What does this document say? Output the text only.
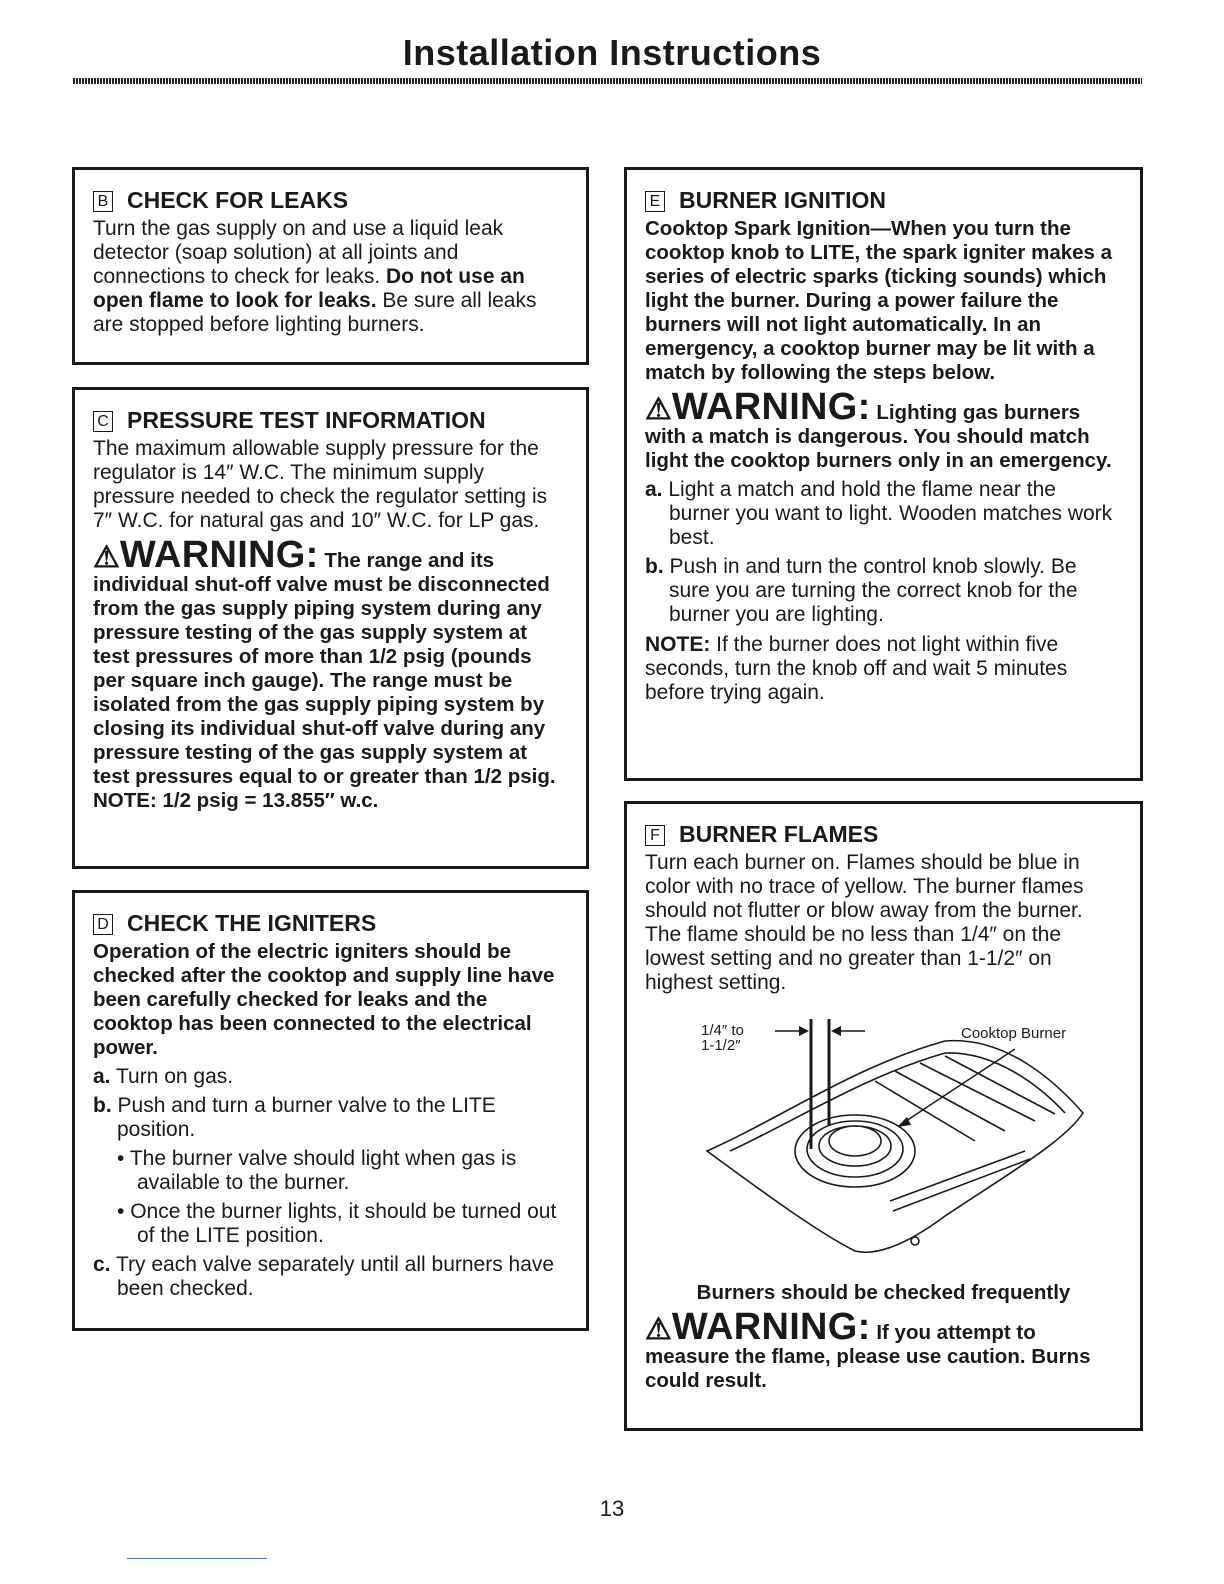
Installation Instructions
B CHECK FOR LEAKS

Turn the gas supply on and use a liquid leak detector (soap solution) at all joints and connections to check for leaks. Do not use an open flame to look for leaks. Be sure all leaks are stopped before lighting burners.

C PRESSURE TEST INFORMATION

The maximum allowable supply pressure for the regulator is 14″ W.C. The minimum supply pressure needed to check the regulator setting is 7″ W.C. for natural gas and 10″ W.C. for LP gas.

⚠WARNING: The range and its individual shut-off valve must be disconnected from the gas supply piping system during any pressure testing of the gas supply system at test pressures of more than 1/2 psig (pounds per square inch gauge). The range must be isolated from the gas supply piping system by closing its individual shut-off valve during any pressure testing of the gas supply system at test pressures equal to or greater than 1/2 psig. NOTE: 1/2 psig = 13.855″ w.c.

D CHECK THE IGNITERS

Operation of the electric igniters should be checked after the cooktop and supply line have been carefully checked for leaks and the cooktop has been connected to the electrical power.

a. Turn on gas.

b. Push and turn a burner valve to the LITE position.

• The burner valve should light when gas is available to the burner.

• Once the burner lights, it should be turned out of the LITE position.

c. Try each valve separately until all burners have been checked.

E BURNER IGNITION

Cooktop Spark Ignition—When you turn the cooktop knob to LITE, the spark igniter makes a series of electric sparks (ticking sounds) which light the burner. During a power failure the burners will not light automatically. In an emergency, a cooktop burner may be lit with a match by following the steps below.

⚠WARNING: Lighting gas burners with a match is dangerous. You should match light the cooktop burners only in an emergency.

a. Light a match and hold the flame near the burner you want to light. Wooden matches work best.

b. Push in and turn the control knob slowly. Be sure you are turning the correct knob for the burner you are lighting.

NOTE: If the burner does not light within five seconds, turn the knob off and wait 5 minutes before trying again.

F BURNER FLAMES

Turn each burner on. Flames should be blue in color with no trace of yellow. The burner flames should not flutter or blow away from the burner. The flame should be no less than 1/4″ on the lowest setting and no greater than 1-1/2″ on highest setting.

1/4″ to
1-1/2″
Cooktop Burner

Burners should be checked frequently

⚠WARNING: If you attempt to measure the flame, please use caution. Burns could result.

13
